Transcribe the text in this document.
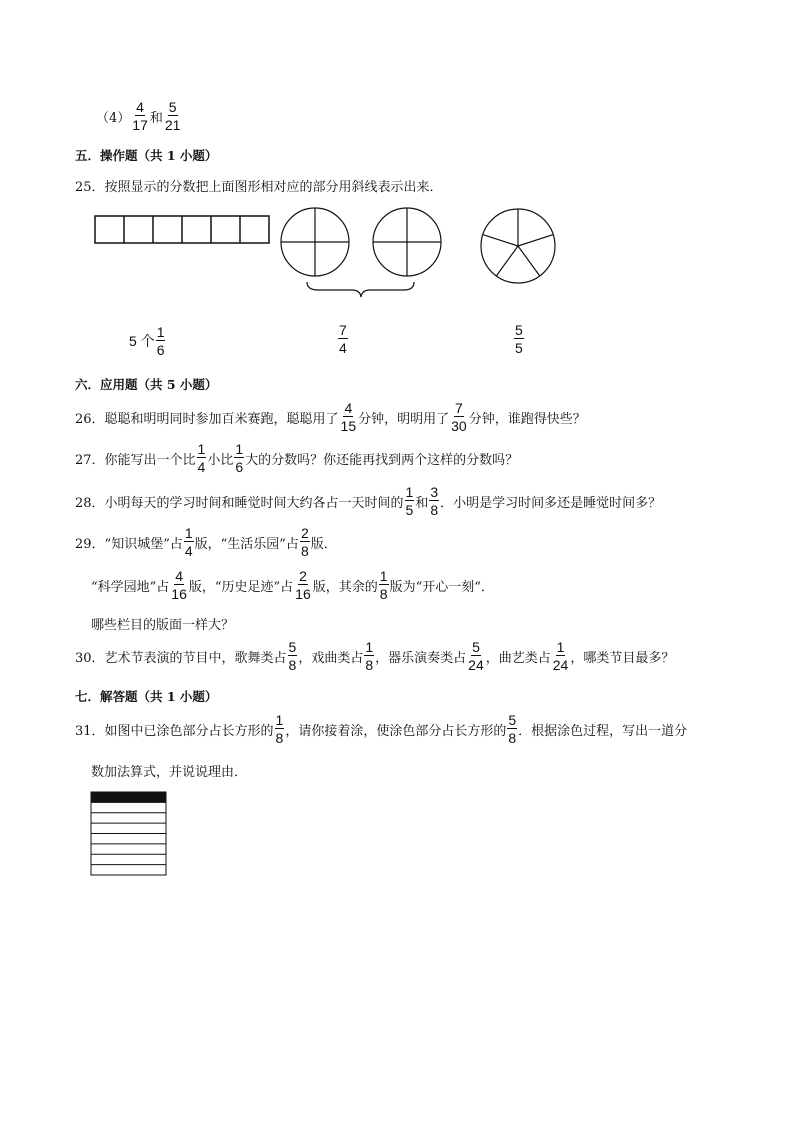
$(4) \frac{4}{17}$ 和 $\frac{5}{21}$
五．操作题（共 1 小题）
25．按照显示的分数把上面图形相对应的部分用斜线表示出来．
5 个 $\frac{1}{6}$	$\frac{7}{4}$	$\frac{5}{5}$
六．应用题（共 5 小题）
26．聪聪和明明同时参加百米赛跑，聪聪用了 $\frac{4}{15}$ 分钟，明明用了 $\frac{7}{30}$ 分钟，谁跑得快些？
27．你能写出一个比 $\frac{1}{4}$ 小比 $\frac{1}{6}$ 大的分数吗？你还能再找到两个这样的分数吗？
28．小明每天的学习时间和睡觉时间大约各占一天时间的 $\frac{1}{5}$ 和 $\frac{3}{8}$ ．小明是学习时间多还是睡觉时间多？
29．“知识城堡”占 $\frac{1}{4}$ 版，“生活乐园”占 $\frac{2}{8}$ 版．
“科学园地”占 $\frac{4}{16}$ 版，“历史足迹”占 $\frac{2}{16}$ 版，其余的 $\frac{1}{8}$ 版为“开心一刻“．
哪些栏目的版面一样大？
30．艺术节表演的节目中，歌舞类占 $\frac{5}{8}$ ，戏曲类占 $\frac{1}{8}$ ，器乐演奏类占 $\frac{5}{24}$ ，曲艺类占 $\frac{1}{24}$ ，哪类节目最多？
七．解答题（共 1 小题）
31．如图中已涂色部分占长方形的 $\frac{1}{8}$ ，请你接着涂，使涂色部分占长方形的 $\frac{5}{8}$ ．根据涂色过程，写出一道分
数加法算式，并说说理由．
